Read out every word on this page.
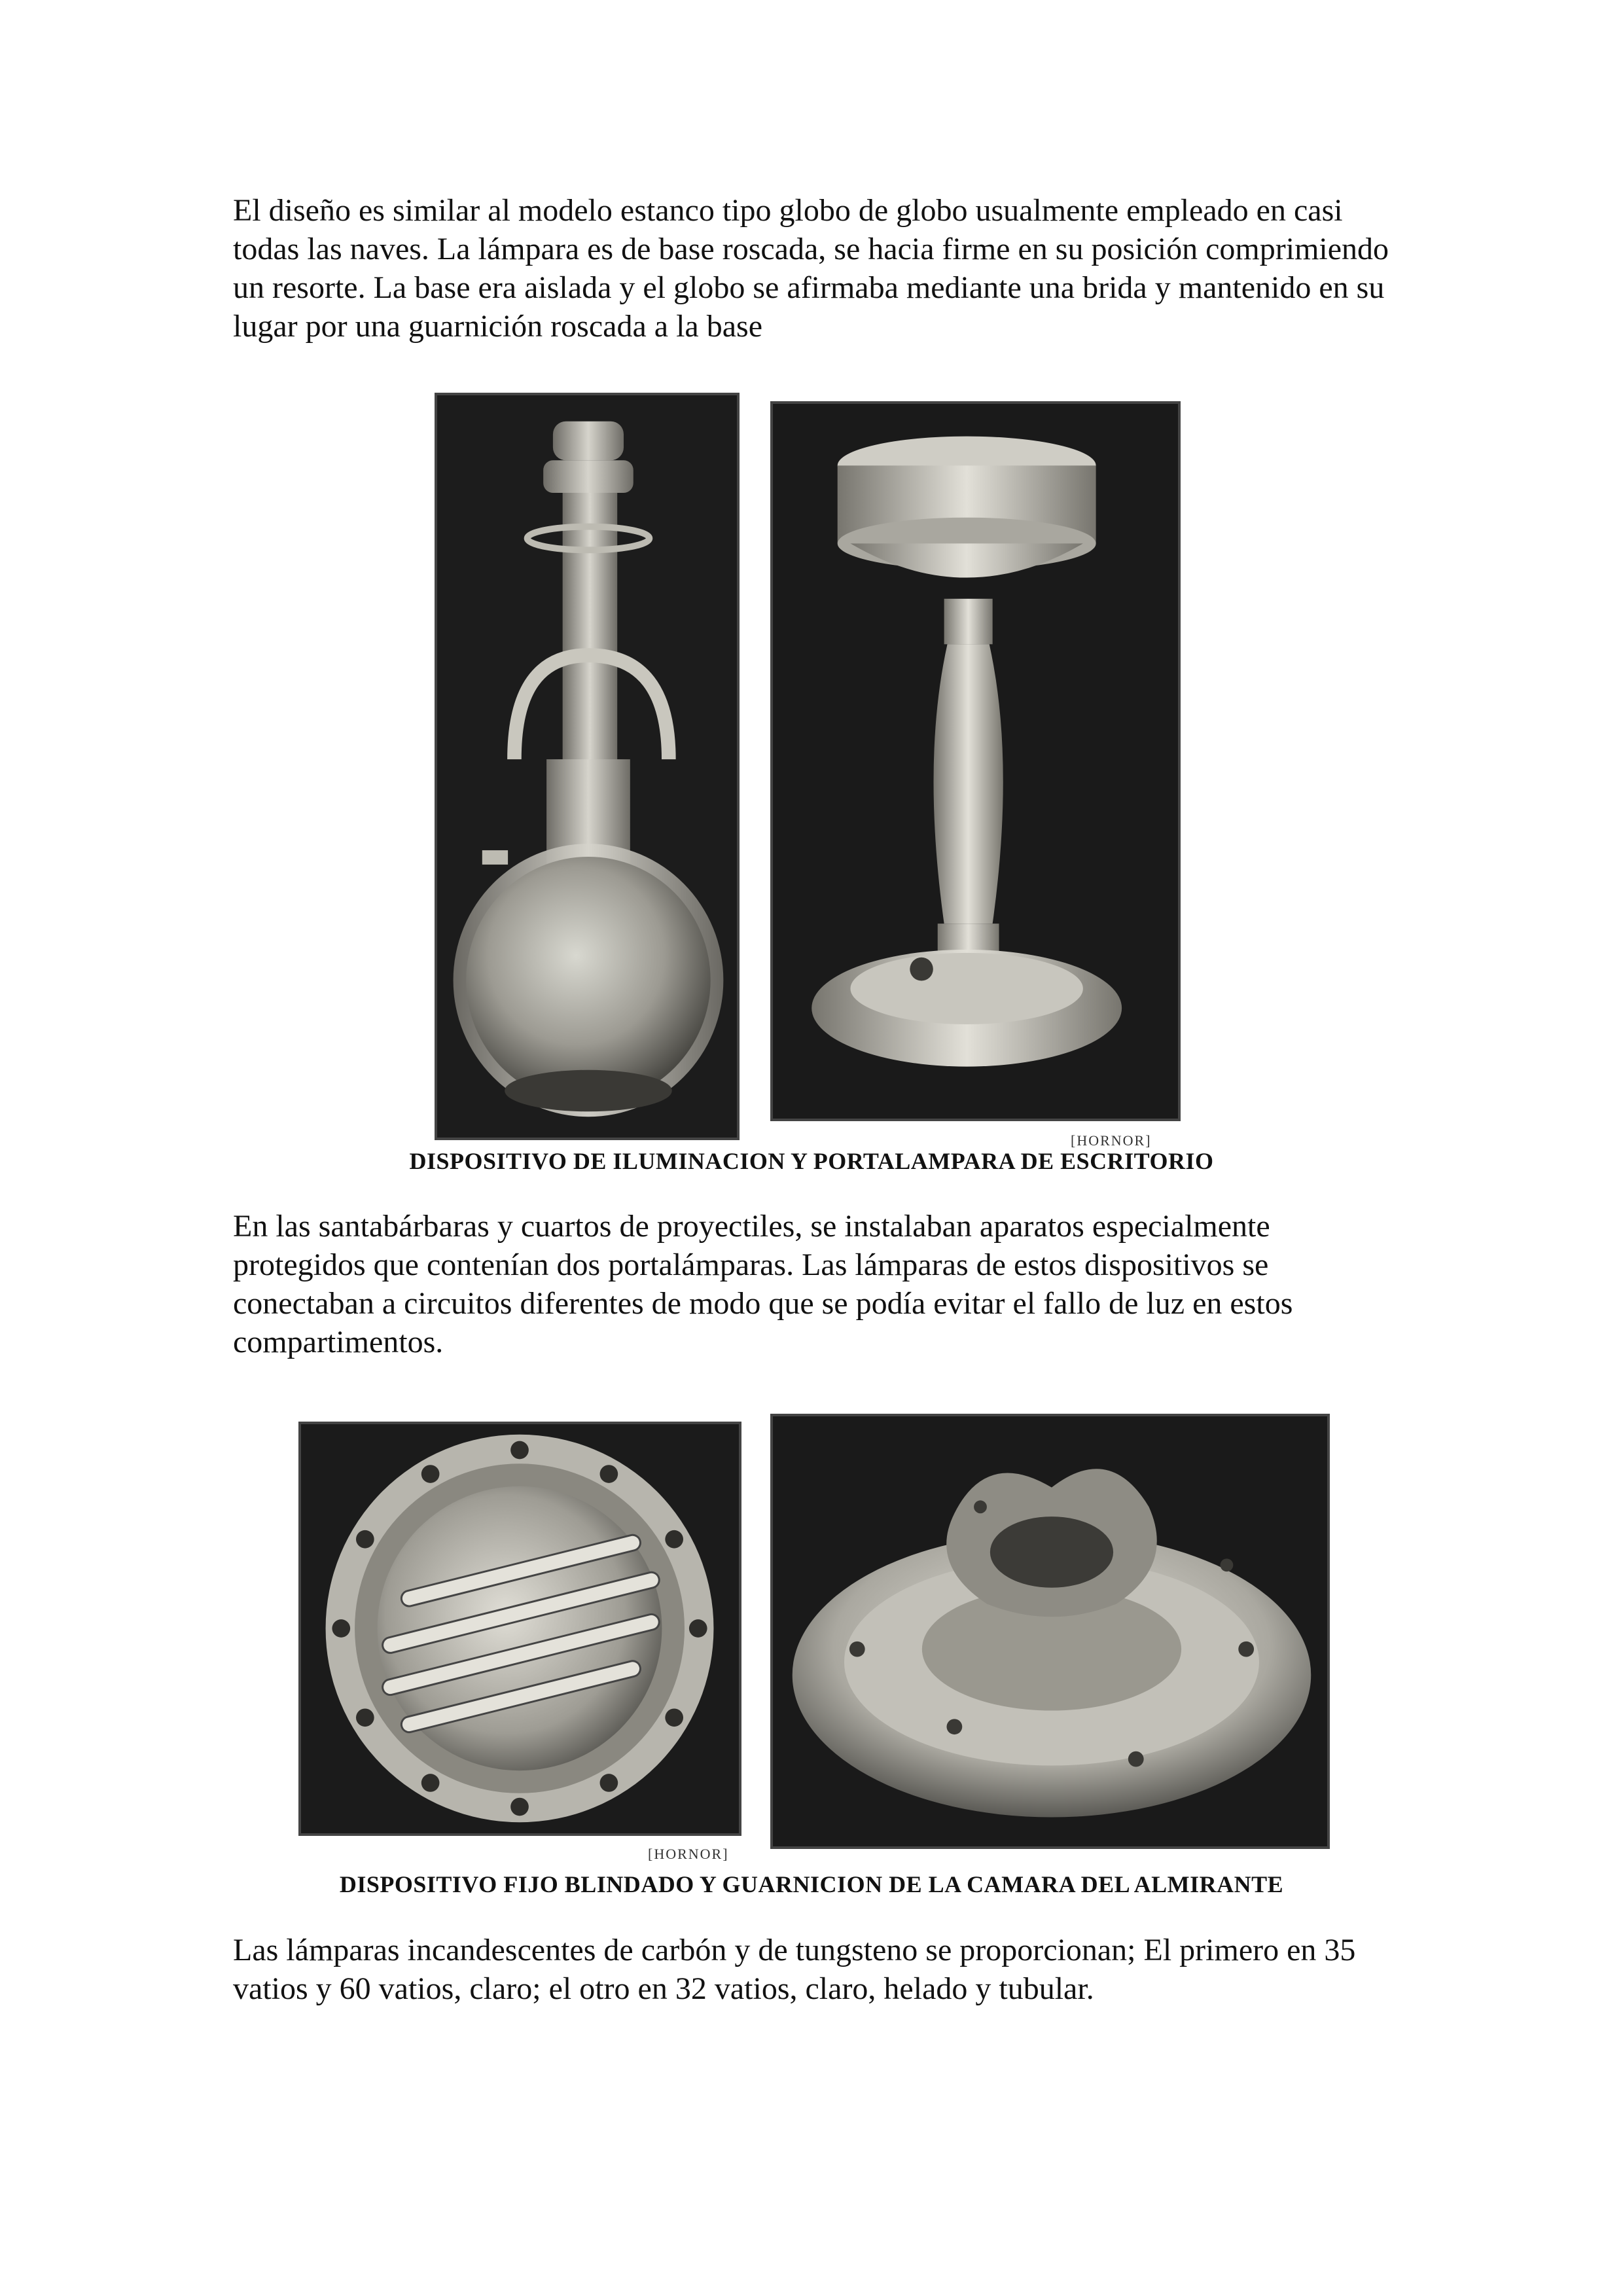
El diseño es similar al modelo estanco tipo globo de globo usualmente empleado en casi todas las naves. La lámpara es de base roscada, se hacia firme en su posición comprimiendo un resorte. La base era aislada y el globo se afirmaba mediante una brida y mantenido en su lugar por una guarnición roscada a la base

[HORNOR]

DISPOSITIVO DE ILUMINACION Y PORTALAMPARA DE ESCRITORIO

En las santabárbaras y cuartos de proyectiles, se instalaban aparatos especialmente protegidos que contenían dos portalámparas. Las lámparas de estos dispositivos se conectaban a circuitos diferentes de modo que se podía evitar el fallo de luz en estos compartimentos.

[HORNOR]

DISPOSITIVO FIJO BLINDADO Y GUARNICION DE LA CAMARA DEL ALMIRANTE

Las lámparas incandescentes de carbón y de tungsteno se proporcionan; El primero en 35 vatios y 60 vatios, claro; el otro en 32 vatios, claro, helado y tubular.
